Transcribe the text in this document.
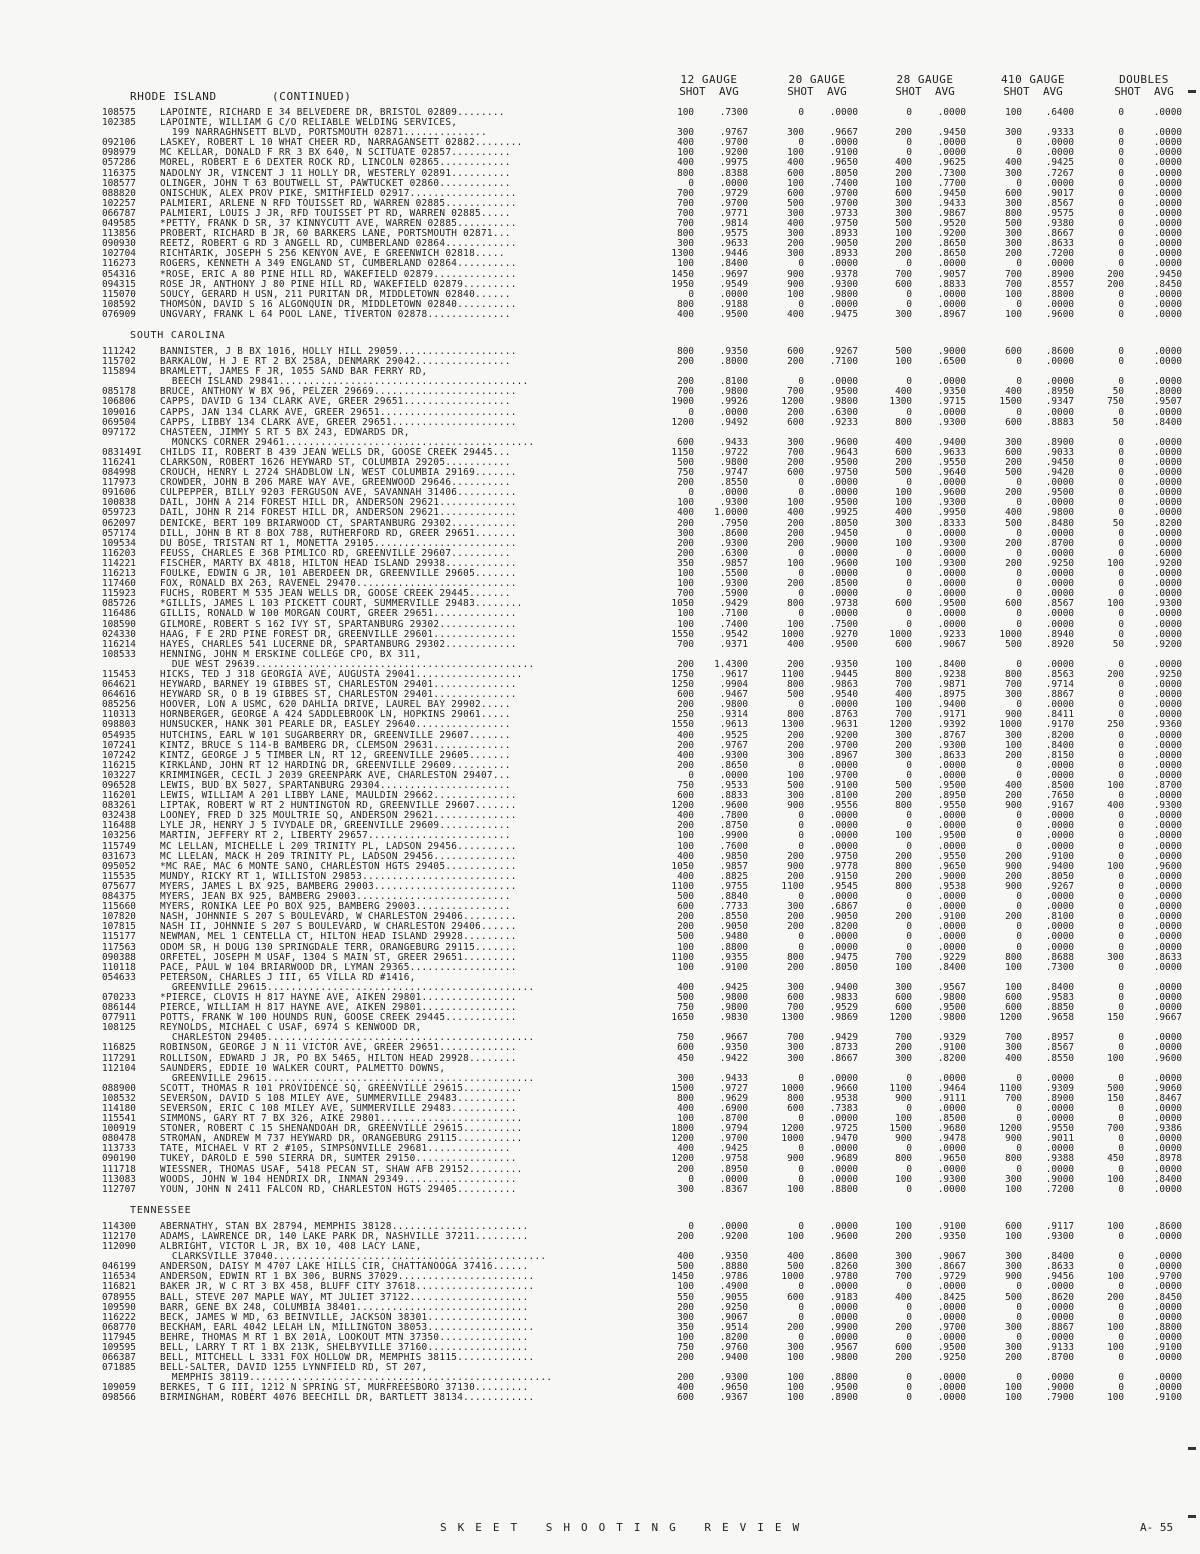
RHODE ISLAND	(CONTINUED)
12 GAUGE
SHOT AVG
20 GAUGE
SHOT AVG
28 GAUGE
SHOT AVG
410 GAUGE
SHOT AVG
DOUBLES
SHOT AVG
108575	LAPOINTE, RICHARD E 34 BELVEDERE DR, BRISTOL 02809........	100	.7300	0	.0000	0	.0000	100	.6400	0	.0000
102385	LAPOINTE, WILLIAM G C/O RELIABLE WELDING SERVICES,
199 NARRAGHNSETT BLVD, PORTSMOUTH 02871..............	300	.9767	300	.9667	200	.9450	300	.9333	0	.0000
092106	LASKEY, ROBERT L 10 WHAT CHEER RD, NARRAGANSETT 02882........	400	.9700	0	.0000	0	.0000	0	.0000	0	.0000
098979	MC KELLAR, DONALD F RR 3 BX 640, N SCITUATE 02857..........	100	.9200	100	.9100	0	.0000	0	.0000	0	.0000
057286	MOREL, ROBERT E 6 DEXTER ROCK RD, LINCOLN 02865............	400	.9975	400	.9650	400	.9625	400	.9425	0	.0000
116375	NADOLNY JR, VINCENT J 11 HOLLY DR, WESTERLY 02891..........	800	.8388	600	.8050	200	.7300	300	.7267	0	.0000
108577	OLINGER, JOHN T 63 BOUTWELL ST, PAWTUCKET 02860............	0	.0000	100	.7400	100	.7700	0	.0000	0	.0000
088820	ONISCHUK, ALEX PROV PIKE, SMITHFIELD 02917..................	700	.9729	600	.9700	600	.9450	600	.9017	0	.0000
102257	PALMIERI, ARLENE N RFD TOUISSET RD, WARREN 02885............	700	.9700	500	.9700	300	.9433	300	.8567	0	.0000
066787	PALMIERI, LOUIS J JR, RFD TOUISSET PT RD, WARREN 02885.....	700	.9771	300	.9733	300	.9867	800	.9575	0	.0000
049585	*PETTY, FRANK D SR, 37 KINNYCUTT AVE, WARREN 02885..........	700	.9814	400	.9750	500	.9520	500	.9380	0	.0000
113856	PROBERT, RICHARD B JR, 60 BARKERS LANE, PORTSMOUTH 02871...	800	.9575	300	.8933	100	.9200	300	.8667	0	.0000
090930	REETZ, ROBERT G RD 3 ANGELL RD, CUMBERLAND 02864............	300	.9633	200	.9050	200	.8650	300	.8633	0	.0000
102704	RICHTARIK, JOSEPH S 256 KENYON AVE, E GREENWICH 02818.....	1300	.9446	300	.8933	200	.8650	200	.7200	0	.0000
116273	ROGERS, KENNETH A 349 ENGLAND ST, CUMBERLAND 02864..........	100	.8400	0	.0000	0	.0000	0	.0000	0	.0000
054316	*ROSE, ERIC A 80 PINE HILL RD, WAKEFIELD 02879..............	1450	.9697	900	.9378	700	.9057	700	.8900	200	.9450
094315	ROSE JR, ANTHONY J 80 PINE HILL RD, WAKEFIELD 02879.........	1950	.9549	900	.9300	600	.8833	700	.8557	200	.8450
115070	SOUCY, GERARD H USN, 211 PURITAN DR, MIDDLETOWN 02840......	0	.0000	100	.9800	0	.0000	100	.8800	0	.0000
108592	THOMSON, DAVID S 16 ALGONQUIN DR, MIDDLETOWN 02840..........	800	.9188	0	.0000	0	.0000	0	.0000	0	.0000
076909	UNGVARY, FRANK L 64 POOL LANE, TIVERTON 02878..............	400	.9500	400	.9475	300	.8967	100	.9600	0	.0000
SOUTH CAROLINA
111242	BANNISTER, J B BX 1016, HOLLY HILL 29059....................	800	.9350	600	.9267	500	.9000	600	.8600	0	.0000
115702	BARKALOW, H J E RT 2 BX 258A, DENMARK 29042................	200	.8000	200	.7100	100	.6500	0	.0000	0	.0000
115894	BRAMLETT, JAMES F JR, 1055 SAND BAR FERRY RD,
BEECH ISLAND 29841..........................................	200	.8100	0	.0000	0	.0000	0	.0000	0	.0000
085178	BRUCE, ANTHONY W BX 96, PELZER 29669........................	700	.9800	700	.9500	400	.9350	400	.8950	50	.8000
106806	CAPPS, DAVID G 134 CLARK AVE, GREER 29651..................	1900	.9926	1200	.9800	1300	.9715	1500	.9347	750	.9507
109016	CAPPS, JAN 134 CLARK AVE, GREER 29651.......................	0	.0000	200	.6300	0	.0000	0	.0000	0	.0000
069504	CAPPS, LIBBY 134 CLARK AVE, GREER 29651.....................	1200	.9492	600	.9233	800	.9300	600	.8883	50	.8400
097172	CHASTEEN, JIMMY S RT 5 BX 243, EDWARDS DR,
MONCKS CORNER 29461..........................................	600	.9433	300	.9600	400	.9400	300	.8900	0	.0000
083149I	CHILDS II, ROBERT B 439 JEAN WELLS DR, GOOSE CREEK 29445...	1150	.9722	700	.9643	600	.9633	600	.9033	0	.0000
116241	CLARKSON, ROBERT 1626 HEYWARD ST, COLUMBIA 29205...........	500	.9800	200	.9500	200	.9550	200	.9450	0	.0000
084998	CROUCH, HENRY L 2724 SHADBLOW LN, WEST COLUMBIA 29169.......	750	.9747	600	.9750	500	.9640	500	.9420	0	.0000
117973	CROWDER, JOHN B 206 MARE WAY AVE, GREENWOOD 29646..........	200	.8550	0	.0000	0	.0000	0	.0000	0	.0000
091606	CULPEPPER, BILLY 9203 FERGUSON AVE, SAVANNAH 31406..........	0	.0000	0	.0000	100	.9600	200	.9500	0	.0000
100838	DAIL, JOHN A 214 FOREST HILL DR, ANDERSON 29621.............	100	.9300	100	.9500	100	.9300	0	.0000	0	.0000
059723	DAIL, JOHN R 214 FOREST HILL DR, ANDERSON 29621.............	400	1.0000	400	.9925	400	.9950	400	.9800	0	.0000
062097	DENICKE, BERT 109 BRIARWOOD CT, SPARTANBURG 29302...........	200	.7950	200	.8050	300	.8333	500	.8480	50	.8200
057174	DILL, JOHN B RT 8 BOX 788, RUTHERFORD RD, GREER 29651.......	300	.8600	200	.9450	0	.0000	0	.0000	0	.0000
109534	DU BOSE, TRISTAN RT 1, MONETTA 29105........................	200	.9300	200	.9000	100	.9300	200	.8700	0	.0000
116203	FEUSS, CHARLES E 368 PIMLICO RD, GREENVILLE 29607..........	200	.6300	0	.0000	0	.0000	0	.0000	0	.6000
114221	FISCHER, MARTY BX 4818, HILTON HEAD ISLAND 29938............	350	.9857	100	.9600	100	.9300	200	.9250	100	.9200
116213	FOULKE, EDWIN G JR, 101 ABERDEEN DR, GREENVILLE 29605.......	100	.5500	0	.0000	0	.0000	0	.0000	0	.0000
117460	FOX, RONALD BX 263, RAVENEL 29470...........................	100	.9300	200	.8500	0	.0000	0	.0000	0	.0000
115923	FUCHS, ROBERT M 535 JEAN WELLS DR, GOOSE CREEK 29445.......	700	.5900	0	.0000	0	.0000	0	.0000	0	.0000
085726	*GILLIS, JAMES L 103 PICKETT COURT, SUMMERVILLE 29483........	1050	.9429	800	.9738	600	.9500	600	.8567	100	.9300
116486	GILLIS, RONALD W 100 MORGAN COURT, GREER 29651..............	100	.7100	0	.0000	0	.0000	0	.0000	0	.0000
108590	GILMORE, ROBERT S 162 IVY ST, SPARTANBURG 29302.............	100	.7400	100	.7500	0	.0000	0	.0000	0	.0000
024330	HAAG, F E 2RD PINE FOREST DR, GREENVILLE 29601..............	1550	.9542	1000	.9270	1000	.9233	1000	.8940	0	.0000
116214	HAYES, CHARLES 541 LUCERNE DR, SPARTANBURG 29302............	700	.9371	400	.9500	600	.9067	500	.8920	50	.9200
108533	HENNING, JOHN M ERSKINE COLLEGE CPO, BX 311,
DUE WEST 29639...............................................	200	1.4300	200	.9350	100	.8400	0	.0000	0	.0000
115453	HICKS, TED J 318 GEORGIA AVE, AUGUSTA 29041..................	1750	.9617	1100	.9445	800	.9238	800	.8563	200	.9250
064621	HEYWARD, BARNEY 19 GIBBES ST, CHARLESTON 29401..............	1250	.9904	800	.9863	700	.9871	700	.9714	0	.0000
064616	HEYWARD SR, O B 19 GIBBES ST, CHARLESTON 29401..............	600	.9467	500	.9540	400	.8975	300	.8867	0	.0000
085256	HOOVER, LON A USMC, 620 DAHLIA DRIVE, LAUREL BAY 29902.....	200	.9800	0	.0000	100	.9400	0	.0000	0	.0000
110313	HORNBERGER, GEORGE A 424 SADDLEBROOK LN, HOPKINS 29061.....	250	.9314	800	.8763	700	.9171	900	.8411	0	.0000
098803	HUNSUCKER, HANK 301 PEARLE DR, EASLEY 29640................	1550	.9613	1300	.9631	1200	.9392	1000	.9170	250	.9360
054935	HUTCHINS, EARL W 101 SUGARBERRY DR, GREENVILLE 29607.......	400	.9525	200	.9200	300	.8767	300	.8200	0	.0000
107241	KINTZ, BRUCE S 114-B BAMBERG DR, CLEMSON 29631.............	200	.9767	200	.9700	200	.9300	100	.8400	0	.0000
107242	KINTZ, GEORGE J 5 TIMBER LN, RT 12, GREENVILLE 29605.......	400	.9300	300	.8967	300	.8633	200	.8150	0	.0000
116215	KIRKLAND, JOHN RT 12 HARDING DR, GREENVILLE 29609..........	200	.8650	0	.0000	0	.0000	0	.0000	0	.0000
103227	KRIMMINGER, CECIL J 2039 GREENPARK AVE, CHARLESTON 29407...	0	.0000	100	.9700	0	.0000	0	.0000	0	.0000
096528	LEWIS, BUD BX 5027, SPARTANBURG 29304......................	750	.9533	500	.9100	500	.9500	400	.8500	100	.8700
116201	LEWIS, WILLIAM A 201 LIBBY LANE, MAULDIN 29662..............	600	.8833	300	.8100	200	.8950	200	.7650	0	.0000
083261	LIPTAK, ROBERT W RT 2 HUNTINGTON RD, GREENVILLE 29607.......	1200	.9600	900	.9556	800	.9550	900	.9167	400	.9300
032438	LOONEY, FRED D 325 MOULTRIE SQ, ANDERSON 29621..............	400	.7800	0	.0000	0	.0000	0	.0000	0	.0000
116488	LYLE JR, HENRY J 5 IVYDALE DR, GREENVILLE 29609............	200	.8750	0	.0000	0	.0000	0	.0000	0	.0000
103256	MARTIN, JEFFERY RT 2, LIBERTY 29657........................	100	.9900	0	.0000	100	.9500	0	.0000	0	.0000
115749	MC LELLAN, MICHELLE L 209 TRINITY PL, LADSON 29456..........	100	.7600	0	.0000	0	.0000	0	.0000	0	.0000
031673	MC LLELAN, MACK H 209 TRINITY PL, LADSON 29456..............	400	.9850	200	.9750	200	.9550	200	.9100	0	.0000
095052	*MC RAE, MAC 6 MONTE SANO, CHARLESTON HGTS 29405............	1050	.9857	900	.9778	800	.9650	900	.9400	100	.9600
115535	MUNDY, RICKY RT 1, WILLISTON 29853..........................	400	.8825	200	.9150	200	.9000	200	.8050	0	.0000
075677	MYERS, JAMES L BX 925, BAMBERG 29003........................	1100	.9755	1100	.9545	800	.9538	900	.9267	0	.0000
084375	MYERS, JEAN BX 925, BAMBERG 29003..........................	500	.8840	0	.0000	0	.0000	0	.0000	0	.0000
115660	MYERS, RONIKA LEE PO BOX 925, BAMBERG 29003................	600	.7733	300	.6867	0	.0000	0	.0000	0	.0000
107820	NASH, JOHNNIE S 207 S BOULEVARD, W CHARLESTON 29406.........	200	.8550	200	.9050	200	.9100	200	.8100	0	.0000
107815	NASH II, JOHNNIE S 207 S BOULEVARD, W CHARLESTON 29406......	200	.9050	200	.8200	0	.0000	0	.0000	0	.0000
115177	NEWMAN, MEL 1 CENTELLA CT, HILTON HEAD ISLAND 29928.........	500	.9480	0	.0000	0	.0000	0	.0000	0	.0000
117563	ODOM SR, H DOUG 130 SPRINGDALE TERR, ORANGEBURG 29115.......	100	.8800	0	.0000	0	.0000	0	.0000	0	.0000
090388	ORFETEL, JOSEPH M USAF, 1304 S MAIN ST, GREER 29651.........	1100	.9355	800	.9475	700	.9229	800	.8688	300	.8633
110118	PACE, PAUL W 104 BRIARWOOD DR, LYMAN 29365..................	100	.9100	200	.8050	100	.8400	100	.7300	0	.0000
054633	PETERSON, CHARLES J III, 65 VILLA RD #1416,
GREENVILLE 29615.............................................	400	.9425	300	.9400	300	.9567	100	.8400	0	.0000
070233	*PIERCE, CLOVIS H 817 HAYNE AVE, AIKEN 29801................	500	.9800	600	.9833	600	.9800	600	.9583	0	.0000
086144	PIERCE, WILLIAM H 817 HAYNE AVE, AIKEN 29801................	750	.9800	700	.9529	600	.9500	600	.8850	0	.0000
077911	POTTS, FRANK W 100 HOUNDS RUN, GOOSE CREEK 29445............	1650	.9830	1300	.9869	1200	.9800	1200	.9658	150	.9667
108125	REYNOLDS, MICHAEL C USAF, 6974 S KENWOOD DR,
CHARLESTON 29405.............................................	750	.9667	700	.9429	700	.9329	700	.8957	0	.0000
116825	ROBINSON, GEORGE J N 11 VICTOR AVE, GREER 29651.............	600	.9350	300	.8733	200	.9100	300	.8567	0	.0000
117291	ROLLISON, EDWARD J JR, PO BX 5465, HILTON HEAD 29928........	450	.9422	300	.8667	300	.8200	400	.8550	100	.9600
112104	SAUNDERS, EDDIE 10 WALKER COURT, PALMETTO DOWNS,
GREENVILLE 29615.............................................	300	.9433	0	.0000	0	.0000	0	.0000	0	.0000
088900	SCOTT, THOMAS R 101 PROVIDENCE SQ, GREENVILLE 29615..........	1500	.9727	1000	.9660	1100	.9464	1100	.9309	500	.9060
108532	SEVERSON, DAVID S 108 MILEY AVE, SUMMERVILLE 29483..........	800	.9629	800	.9538	900	.9111	700	.8900	150	.8467
114180	SEVERSON, ERIC C 108 MILEY AVE, SUMMERVILLE 29483...........	400	.6900	600	.7383	0	.0000	0	.0000	0	.0000
115541	SIMMONS, GARY RT 7 BX 326, AIKE 29801........................	100	.8700	0	.0000	100	.8500	0	.0000	0	.0000
100919	STONER, ROBERT C 15 SHENANDOAH DR, GREENVILLE 29615..........	1800	.9794	1200	.9725	1500	.9680	1200	.9550	700	.9386
080478	STROMAN, ANDREW M 737 HEYWARD DR, ORANGEBURG 29115...........	1200	.9700	1000	.9470	900	.9478	900	.9011	0	.0000
113733	TATE, MICHAEL V RT 2 #105, SIMPSONVILLE 29681..............	400	.9425	0	.0000	0	.0000	0	.0000	0	.0000
090190	TUKEY, DAROLD E 590 SIERRA DR, SUMTER 29150.................	1200	.9758	900	.9689	800	.9650	800	.9388	450	.8978
111718	WIESSNER, THOMAS USAF, 5418 PECAN ST, SHAW AFB 29152.........	200	.8950	0	.0000	0	.0000	0	.0000	0	.0000
113083	WOODS, JOHN W 104 HENDRIX DR, INMAN 29349...................	0	.0000	0	.0000	100	.9300	300	.9000	100	.8400
112707	YOUN, JOHN N 2411 FALCON RD, CHARLESTON HGTS 29405..........	300	.8367	100	.8800	0	.0000	100	.7200	0	.0000
TENNESSEE
114300	ABERNATHY, STAN BX 28794, MEMPHIS 38128.......................	0	.0000	0	.0000	100	.9100	600	.9117	100	.8600
112170	ADAMS, LAWRENCE DR, 140 LAKE PARK DR, NASHVILLE 37211.........	200	.9200	100	.9600	200	.9350	100	.9300	0	.0000
112090	ALBRIGHT, VICTOR L JR, BX 10, 408 LACY LANE,
CLARKSVILLE 37040..............................................	400	.9350	400	.8600	300	.9067	300	.8400	0	.0000
046199	ANDERSON, DAISY M 4707 LAKE HILLS CIR, CHATTANOOGA 37416......	500	.8880	500	.8260	300	.8667	300	.8633	0	.0000
116534	ANDERSON, EDWIN RT 1 BX 306, BURNS 37029.......................	1450	.9786	1000	.9780	700	.9729	900	.9456	100	.9700
116821	BAKER JR, W C RT 3 BX 458, BLUFF CITY 37618....................	100	.4900	0	.0000	0	.0000	0	.0000	0	.0000
078955	BALL, STEVE 207 MAPLE WAY, MT JULIET 37122....................	550	.9055	600	.9183	400	.8425	500	.8620	200	.8450
109590	BARR, GENE BX 248, COLUMBIA 38401.............................	200	.9250	0	.0000	0	.0000	0	.0000	0	.0000
116222	BECK, JAMES W MD, 63 BEINVILLE, JACKSON 38301.................	300	.9067	0	.0000	0	.0000	0	.0000	0	.0000
068770	BECKHAM, EARL 4042 LELAH LN, MILLINGTON 38053..................	350	.9514	200	.9900	200	.9700	300	.8867	100	.8800
117945	BEHRE, THOMAS M RT 1 BX 201A, LOOKOUT MTN 37350...............	100	.8200	0	.0000	0	.0000	0	.0000	0	.0000
109595	BELL, LARRY T RT 1 BX 213K, SHELBYVILLE 37160.................	750	.9760	300	.9567	600	.9500	300	.9133	100	.9100
066387	BELL, MITCHELL L 3331 FOX HOLLOW DR, MEMPHIS 38115.............	200	.9400	100	.9800	200	.9250	200	.8700	0	.0000
071885	BELL-SALTER, DAVID 1255 LYNNFIELD RD, ST 207,
MEMPHIS 38119...................................................	200	.9300	100	.8800	0	.0000	0	.0000	0	.0000
109059	BERKES, T G III, 1212 N SPRING ST, MURFREESBORO 37130.........	400	.9650	100	.9500	0	.0000	100	.9000	0	.0000
098566	BIRMINGHAM, ROBERT 4076 BEECHILL DR, BARTLETT 38134............	600	.9367	100	.8900	0	.0000	100	.7900	100	.9100
SKEET SHOOTING REVIEW	A- 55
